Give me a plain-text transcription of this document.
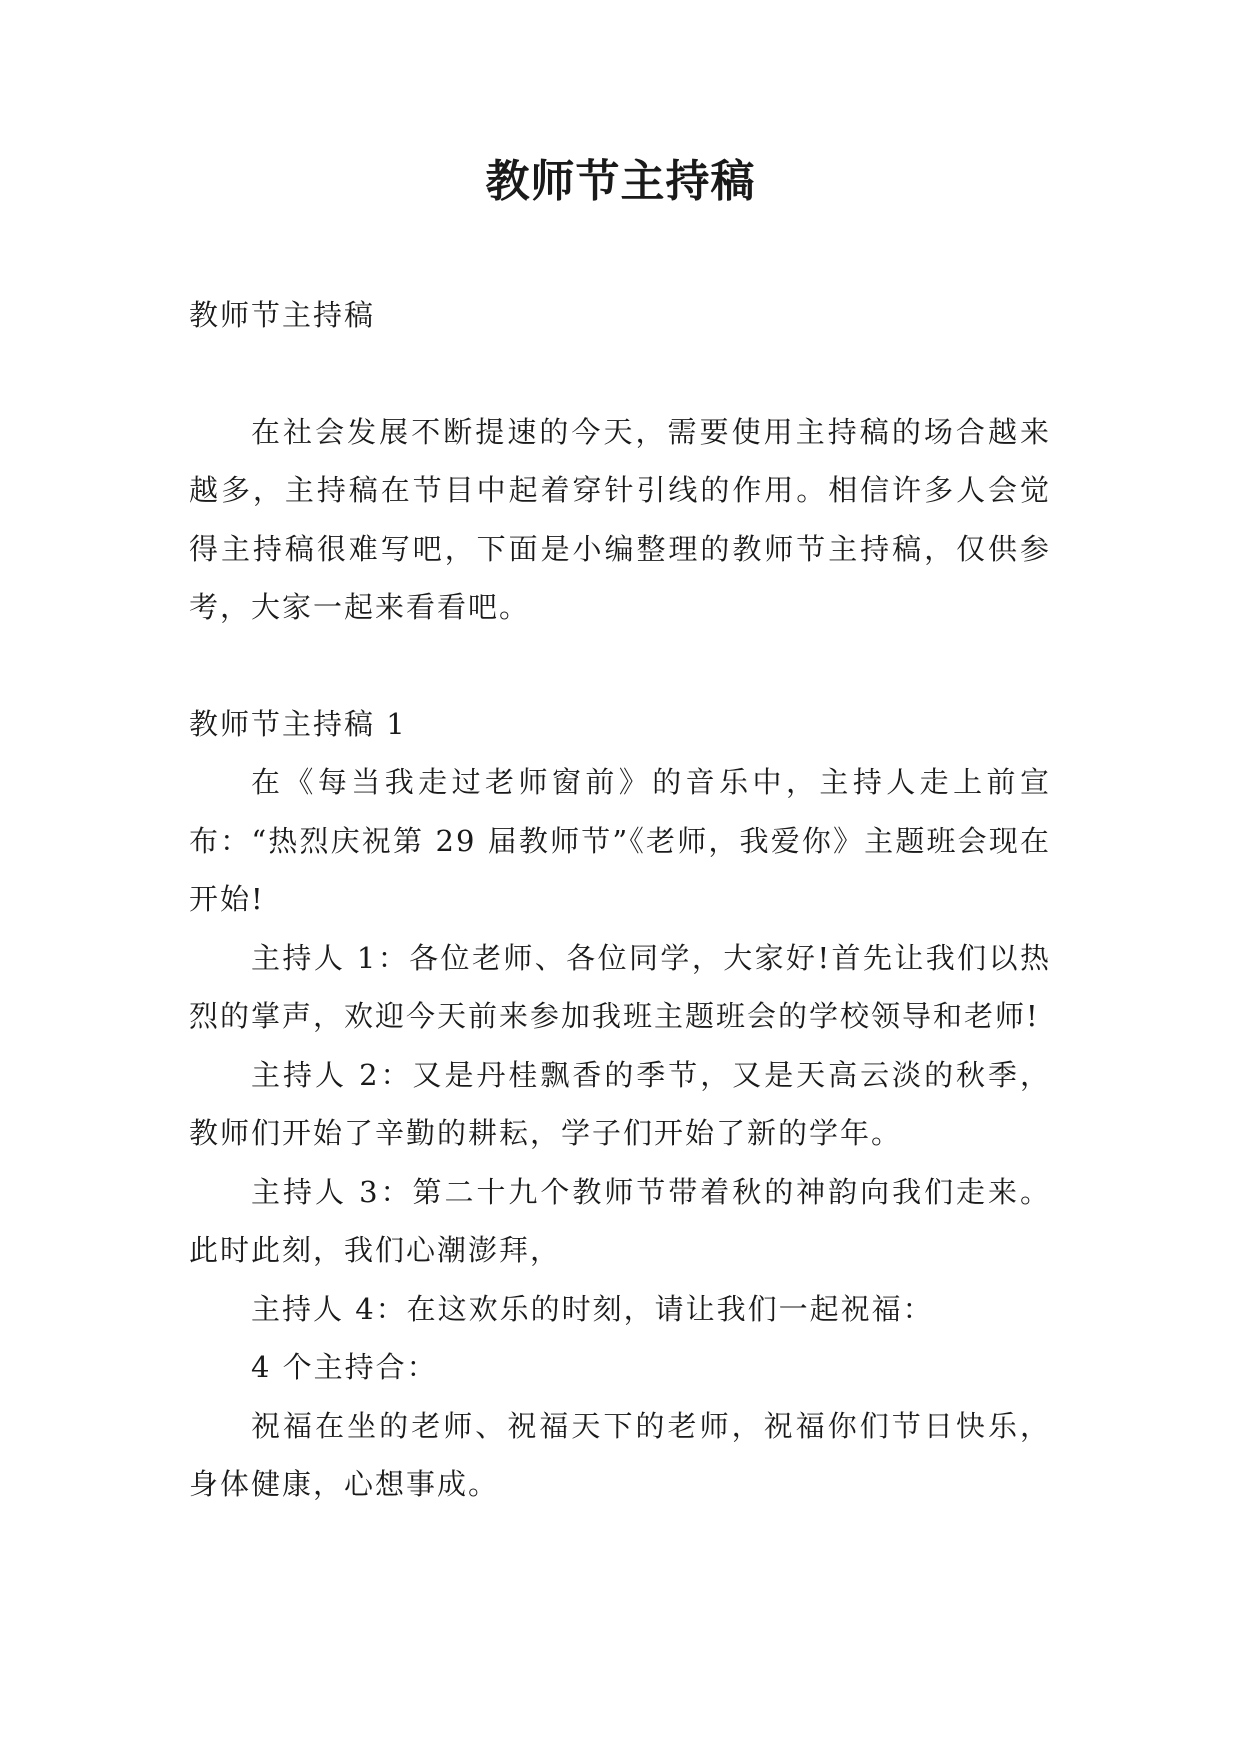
教师节主持稿

教师节主持稿

在社会发展不断提速的今天，需要使用主持稿的场合越来越多，主持稿在节目中起着穿针引线的作用。相信许多人会觉得主持稿很难写吧，下面是小编整理的教师节主持稿，仅供参考，大家一起来看看吧。

教师节主持稿 1

在《每当我走过老师窗前》的音乐中，主持人走上前宣布：“热烈庆祝第 29 届教师节”《老师，我爱你》主题班会现在开始!

主持人 1：各位老师、各位同学，大家好!首先让我们以热烈的掌声，欢迎今天前来参加我班主题班会的学校领导和老师!

主持人 2：又是丹桂飘香的季节，又是天高云淡的秋季，教师们开始了辛勤的耕耘，学子们开始了新的学年。

主持人 3：第二十九个教师节带着秋的神韵向我们走来。此时此刻，我们心潮澎拜，

主持人 4：在这欢乐的时刻，请让我们一起祝福：

4 个主持合：

祝福在坐的老师、祝福天下的老师，祝福你们节日快乐，身体健康，心想事成。
